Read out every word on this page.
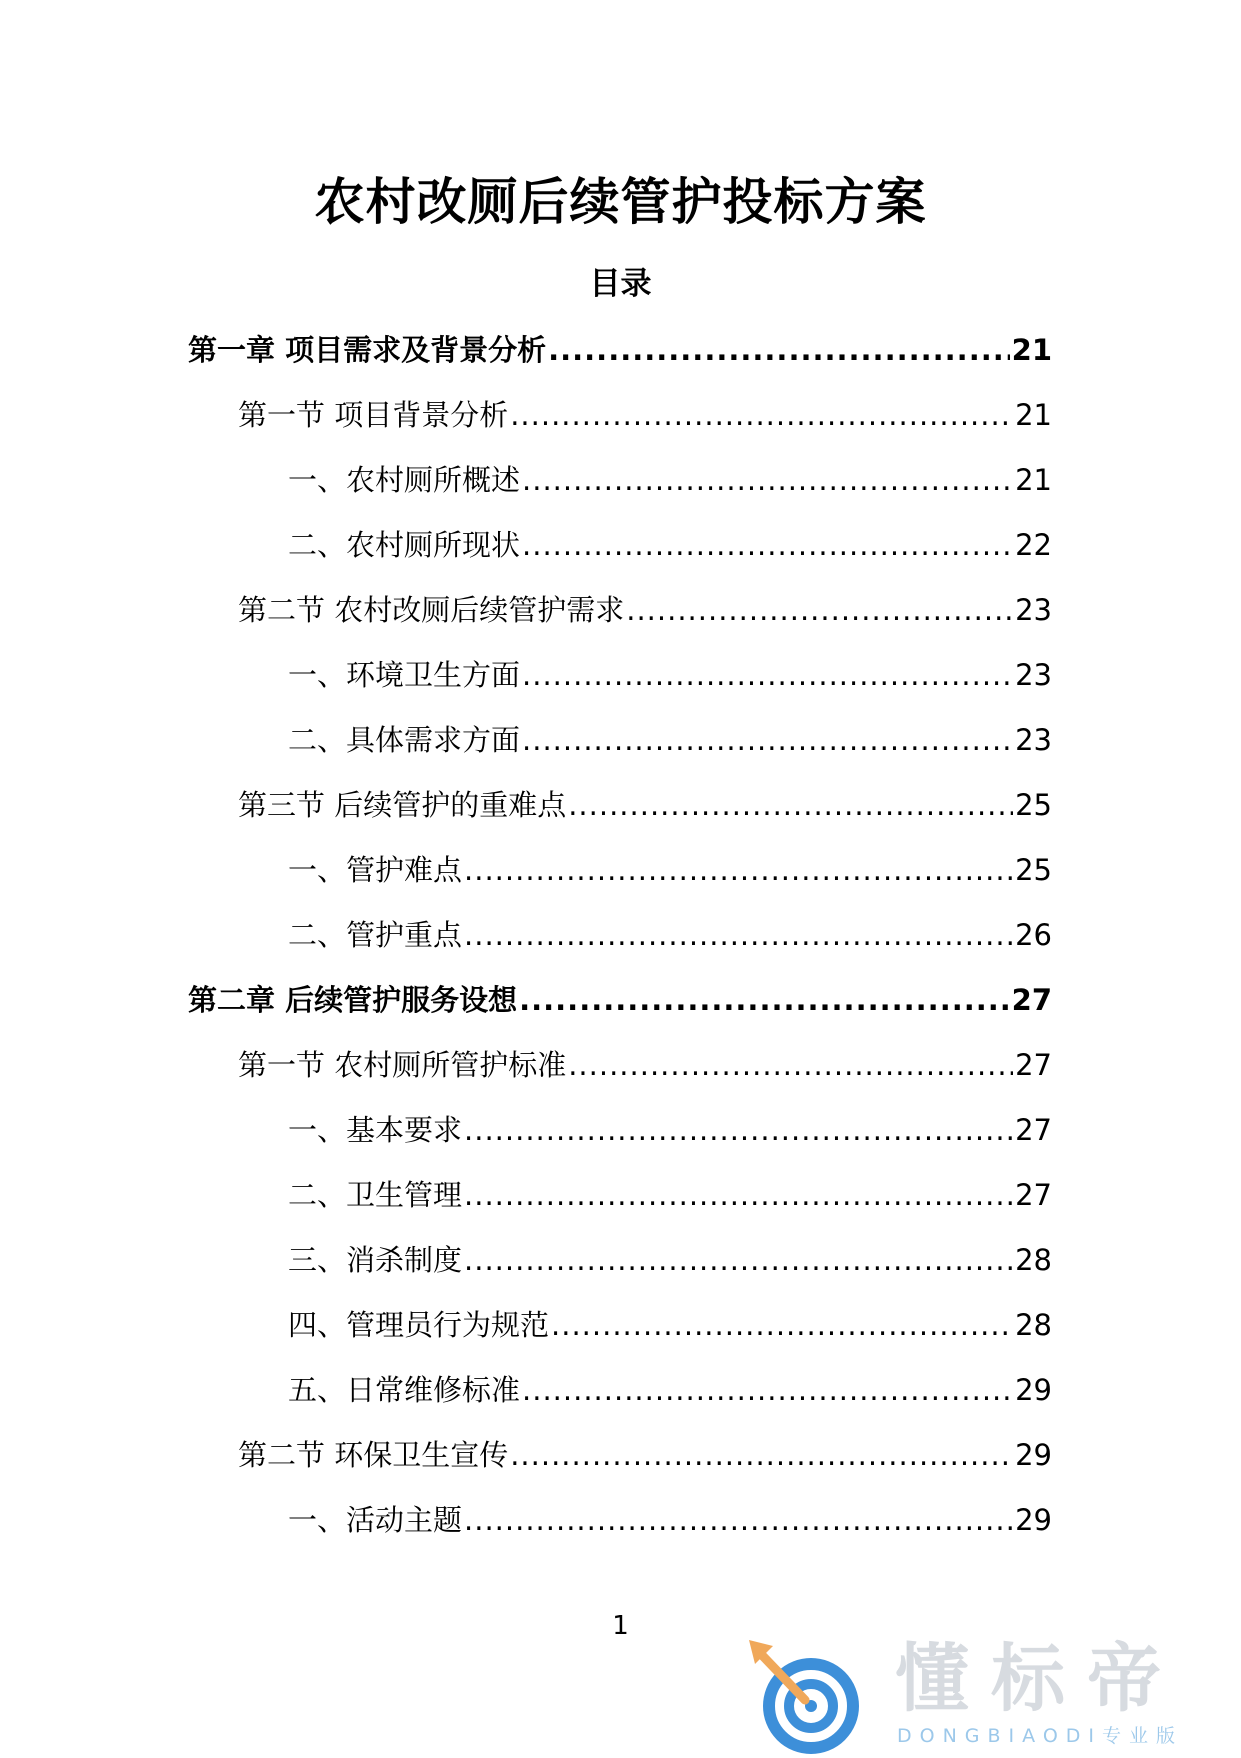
农村改厕后续管护投标方案
目录
第一章 项目需求及背景分析 .....	21
第一节 项目背景分析 .....	21
一、农村厕所概述 .....	21
二、农村厕所现状 .....	22
第二节 农村改厕后续管护需求 .....	23
一、环境卫生方面 .....	23
二、具体需求方面 .....	23
第三节 后续管护的重难点 .....	25
一、管护难点 .....	25
二、管护重点 .....	26
第二章 后续管护服务设想 .....	27
第一节 农村厕所管护标准 .....	27
一、基本要求 .....	27
二、卫生管理 .....	27
三、消杀制度 .....	28
四、管理员行为规范 .....	28
五、日常维修标准 .....	29
第二节 环保卫生宣传 .....	29
一、活动主题 .....	29
1
懂标帝
DONGBIAODI专业版
